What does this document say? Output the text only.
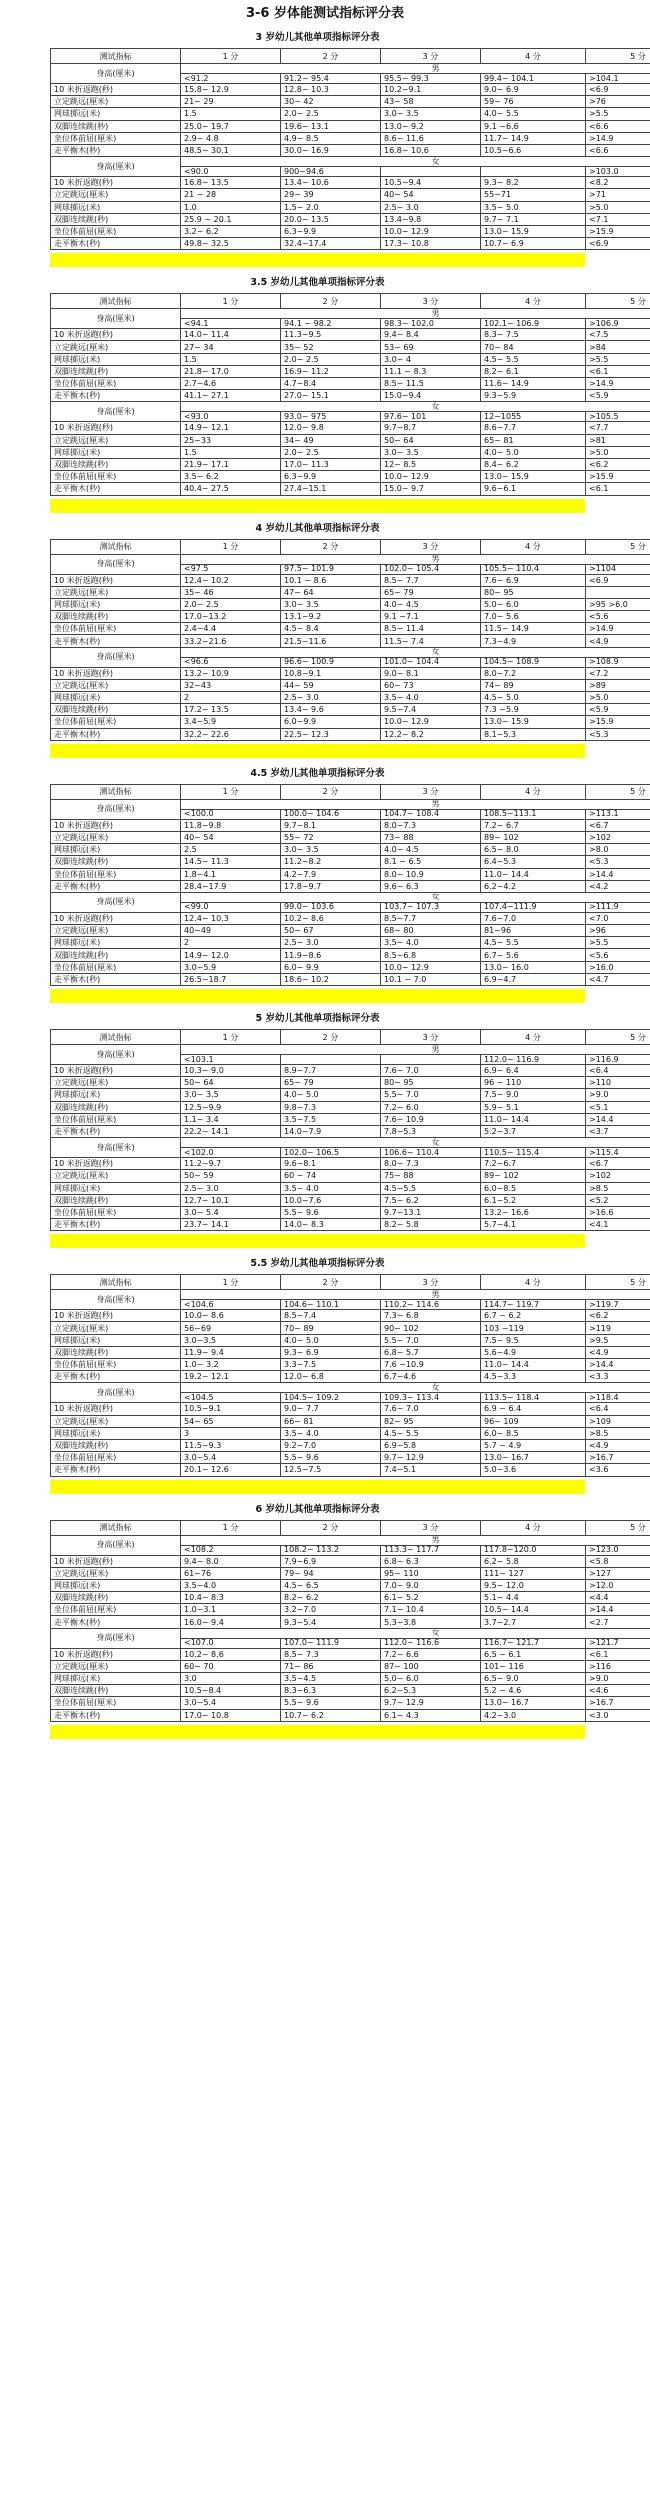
3-6 岁体能测试指标评分表
3 岁幼儿其他单项指标评分表
测试指标	1 分	2 分	3 分	4 分	5 分
身高(厘米)	男				
	<91.2	91.2~ 95.4	95.5~ 99.3	99.4~ 104.1	>104.1
10 米折返跑(秒)	15.8~ 12.9	12.8~ 10.3	10.2~9.1	9.0~ 6.9	<6.9
立定跳远(厘米)	21~ 29	30~ 42	43~ 58	59~ 76	>76
网球掷远(米)	1.5	2.0~ 2.5	3.0~ 3.5	4.0~ 5.5	>5.5
双脚连续跳(秒)	25.0~ 19.7	19.6~ 13.1	13.0~ 9.2	9.1 ~6.6	<6.6
坐位体前屈(厘米)	2.9~ 4.8	4.9~ 8.5	8.6~ 11.6	11.7~ 14.9	>14.9
走平衡木(秒)	48.5~ 30.1	30.0~ 16.9	16.8~ 10.6	10.5~6.6	<6.6
身高(厘米)	女				
	<90.0	900~94.6			>103.0
10 米折返跑(秒)	16.8~ 13.5	13.4~ 10.6	10.5~9.4	9.3~ 8.2	<8.2
立定跳远(厘米)	21 ~ 28	29~ 39	40~ 54	55~71	>71
网球掷远(米)	1.0	1.5~ 2.0	2.5~ 3.0	3.5~ 5.0	>5.0
双脚连续跳(秒)	25.9 ~ 20.1	20.0~ 13.5	13.4~9.8	9.7~ 7.1	<7.1
坐位体前屈(厘米)	3.2~ 6.2	6.3~9.9	10.0~ 12.9	13.0~ 15.9	>15.9
走平衡木(秒)	49.8~ 32.5	32.4~17.4	17.3~ 10.8	10.7~ 6.9	<6.9
3.5 岁幼儿其他单项指标评分表
测试指标	1 分	2 分	3 分	4 分	5 分
身高(厘米)	男				
	<94.1	94.1 ~ 98.2	98.3~ 102.0	102.1~ 106.9	>106.9
10 米折返跑(秒)	14.0~ 11.4	11.3~9.5	9.4~ 8.4	8.3~ 7.5	<7.5
立定跳远(厘米)	27~ 34	35~ 52	53~ 69	70~ 84	>84
网球掷远(米)	1.5	2.0~ 2.5	3.0~ 4	4.5~ 5.5	>5.5
双脚连续跳(秒)	21.8~ 17.0	16.9~ 11.2	11.1 ~ 8.3	8.2~ 6.1	<6.1
坐位体前屈(厘米)	2.7~4.6	4.7~8.4	8.5~ 11.5	11.6~ 14.9	>14.9
走平衡木(秒)	41.1~ 27.1	27.0~ 15.1	15.0~9.4	9.3~5.9	<5.9
身高(厘米)	女				
	<93.0	93.0~ 975	97.6~ 101	12~1055	>105.5
10 米折返跑(秒)	14.9~ 12.1	12.0~ 9.8	9.7~8.7	8.6~7.7	<7.7
立定跳远(厘米)	25~33	34~ 49	50~ 64	65~ 81	>81
网球掷远(米)	1.5	2.0~ 2.5	3.0~ 3.5	4.0~ 5.0	>5.0
双脚连续跳(秒)	21.9~ 17.1	17.0~ 11.3	12~ 8.5	8.4~ 6.2	<6.2
坐位体前屈(厘米)	3.5~ 6.2	6.3~9.9	10.0~ 12.9	13.0~ 15.9	>15.9
走平衡木(秒)	40.4~ 27.5	27.4~15.1	15.0~ 9.7	9.6~6.1	<6.1
4 岁幼儿其他单项指标评分表
测试指标	1 分	2 分	3 分	4 分	5 分
身高(厘米)	男				
	<97.5	97.5~ 101.9	102.0~ 105.4	105.5~ 110.4	>1104
10 米折返跑(秒)	12.4~ 10.2	10.1 ~ 8.6	8.5~ 7.7	7.6~ 6.9	<6.9
立定跳远(厘米)	35~ 46	47~ 64	65~ 79	80~ 95	
网球掷远(米)	2.0~ 2.5	3.0~ 3.5	4.0~ 4.5	5.0~ 6.0	>95 >6.0
双脚连续跳(秒)	17.0~13.2	13.1~9.2	9.1 ~7.1	7.0~ 5.6	<5.6
坐位体前屈(厘米)	2.4~4.4	4.5~ 8.4	8.5~ 11.4	11.5~ 14.9	>14.9
走平衡木(秒)	33.2~21.6	21.5~11.6	11.5~ 7.4	7.3~4.9	<4.9
身高(厘米)	女				
	<96.6	96.6~ 100.9	101.0~ 104.4	104.5~ 108.9	>108.9
10 米折返跑(秒)	13.2~ 10.9	10.8~9.1	9.0~ 8.1	8.0~7.2	<7.2
立定跳远(厘米)	32~43	44~ 59	60~ 73	74~ 89	>89
网球掷远(米)	2	2.5~ 3.0	3.5~ 4.0	4.5~ 5.0	>5.0
双脚连续跳(秒)	17.2~ 13.5	13.4~ 9.6	9.5~7.4	7.3 ~5.9	<5.9
坐位体前屈(厘米)	3.4~5.9	6.0~9.9	10.0~ 12.9	13.0~ 15.9	>15.9
走平衡木(秒)	32.2~ 22.6	22.5~ 12.3	12.2~ 8.2	8.1~5.3	<5.3
4.5 岁幼儿其他单项指标评分表
测试指标	1 分	2 分	3 分	4 分	5 分
身高(厘米)	男				
	<100.0	100.0~ 104.6	104.7~ 108.4	108.5~113.1	>113.1
10 米折返跑(秒)	11.8~9.8	9.7~8.1	8.0~7.3	7.2~ 6.7	<6.7
立定跳远(厘米)	40~ 54	55~ 72	73~ 88	89~ 102	>102
网球掷远(米)	2.5	3.0~ 3.5	4.0~ 4.5	6.5~ 8.0	>8.0
双脚连续跳(秒)	14.5~ 11.3	11.2~8.2	8.1 ~ 6.5	6.4~5.3	<5.3
坐位体前屈(厘米)	1.8~4.1	4.2~7.9	8.0~ 10.9	11.0~ 14.4	>14.4
走平衡木(秒)	28.4~17.9	17.8~9.7	9.6~ 6.3	6.2~4.2	<4.2
身高(厘米)	女				
	<99.0	99.0~ 103.6	103.7~ 107.3	107.4~111.9	>111.9
10 米折返跑(秒)	12.4~ 10.3	10.2~ 8.6	8.5~7.7	7.6~7.0	<7.0
立定跳远(厘米)	40~49	50~ 67	68~ 80	81~96	>96
网球掷远(米)	2	2.5~ 3.0	3.5~ 4.0	4.5~ 5.5	>5.5
双脚连续跳(秒)	14.9~ 12.0	11.9~8.6	8.5~6.8	6.7~ 5.6	<5.6
坐位体前屈(厘米)	3.0~5.9	6.0~ 9.9	10.0~ 12.9	13.0~ 16.0	>16.0
走平衡木(秒)	26.5~18.7	18.6~ 10.2	10.1 ~ 7.0	6.9~4.7	<4.7
5 岁幼儿其他单项指标评分表
测试指标	1 分	2 分	3 分	4 分	5 分
身高(厘米)	男				
	<103.1			112.0~ 116.9	>116.9
10 米折返跑(秒)	10.3~ 9.0	8.9~7.7	7.6~ 7.0	6.9~ 6.4	<6.4
立定跳远(厘米)	50~ 64	65~ 79	80~ 95	96 ~ 110	>110
网球掷远(米)	3.0~ 3.5	4.0~ 5.0	5.5~ 7.0	7.5~ 9.0	>9.0
双脚连续跳(秒)	12.5~9.9	9.8~7.3	7.2~ 6.0	5.9~ 5.1	<5.1
坐位体前屈(厘米)	1.1~ 3.4	3.5~7.5	7.6~ 10.9	11.0~ 14.4	>14.4
走平衡木(秒)	22.2~ 14.1	14.0~7.9	7.8~5.3	5.2~3.7	<3.7
身高(厘米)	女				
	<102.0	102.0~ 106.5	106.6~ 110.4	110.5~ 115.4	>115.4
10 米折返跑(秒)	11.2~9.7	9.6~8.1	8.0~ 7.3	7.2~6.7	<6.7
立定跳远(厘米)	50~ 59	60 ~ 74	75~ 88	89~ 102	>102
网球掷远(米)	2.5~ 3.0	3.5~ 4.0	4.5~5.5	6.0~8.5	>8.5
双脚连续跳(秒)	12.7~ 10.1	10.0~7.6	7.5~ 6.2	6.1~5.2	<5.2
坐位体前屈(厘米)	3.0~ 5.4	5.5~ 9.6	9.7~13.1	13.2~ 16.6	>16.6
走平衡木(秒)	23.7~ 14.1	14.0~ 8.3	8.2~ 5.8	5.7~4.1	<4.1
5.5 岁幼儿其他单项指标评分表
测试指标	1 分	2 分	3 分	4 分	5 分
身高(厘米)	男				
	<104.6	104.6~ 110.1	110.2~ 114.6	114.7~ 119.7	>119.7
10 米折返跑(秒)	10.0~ 8.6	8.5~7.4	7.3~ 6.8	6.7 ~ 6.2	<6.2
立定跳远(厘米)	56~69	70~ 89	90~ 102	103 ~119	>119
网球掷远(米)	3.0~3.5	4.0~ 5.0	5.5~ 7.0	7.5~ 9.5	>9.5
双脚连续跳(秒)	11.9~ 9.4	9.3~ 6.9	6.8~ 5.7	5.6~4.9	<4.9
坐位体前屈(厘米)	1.0~ 3.2	3.3~7.5	7.6 ~10.9	11.0~ 14.4	>14.4
走平衡木(秒)	19.2~ 12.1	12.0~ 6.8	6.7~4.6	4.5~3.3	<3.3
身高(厘米)	女				
	<104.5	104.5~ 109.2	109.3~ 113.4	113.5~ 118.4	>118.4
10 米折返跑(秒)	10.5~9.1	9.0~ 7.7	7.6~ 7.0	6.9 ~ 6.4	<6.4
立定跳远(厘米)	54~ 65	66~ 81	82~ 95	96~ 109	>109
网球掷远(米)	3	3.5~ 4.0	4.5~ 5.5	6.0~ 8.5	>8.5
双脚连续跳(秒)	11.5~9.3	9.2~7.0	6.9~5.8	5.7 ~ 4.9	<4.9
坐位体前屈(厘米)	3.0~5.4	5.5~ 9.6	9.7~ 12.9	13.0~ 16.7	>16.7
走平衡木(秒)	20.1~ 12.6	12.5~7.5	7.4~5.1	5.0~3.6	<3.6
6 岁幼儿其他单项指标评分表
测试指标	1 分	2 分	3 分	4 分	5 分
身高(厘米)	男				
	<108.2	108.2~ 113.2	113.3~ 117.7	117.8~120.0	>123.0
10 米折返跑(秒)	9.4~ 8.0	7.9~6.9	6.8~ 6.3	6.2~ 5.8	<5.8
立定跳远(厘米)	61~76	79~ 94	95~ 110	111~ 127	>127
网球掷远(米)	3.5~4.0	4.5~ 6.5	7.0~ 9.0	9.5~ 12.0	>12.0
双脚连续跳(秒)	10.4~ 8.3	8.2~ 6.2	6.1~ 5.2	5.1~ 4.4	<4.4
坐位体前屈(厘米)	1.0~3.1	3.2~7.0	7.1~ 10.4	10.5~ 14.4	>14.4
走平衡木(秒)	16.0~ 9.4	9.3~5.4	5.3~3.8	3.7~2.7	<2.7
身高(厘米)	女				
	<107.0	107.0~ 111.9	112.0~ 116.6	116.7~ 121.7	>121.7
10 米折返跑(秒)	10.2~ 8.6	8.5~ 7.3	7.2~ 6.6	6.5 ~ 6.1	<6.1
立定跳远(厘米)	60~ 70	71~ 86	87~ 100	101~ 116	>116
网球掷远(米)	3.0	3.5~4.5	5.0~ 6.0	6.5~ 9.0	>9.0
双脚连续跳(秒)	10.5~8.4	8.3~6.3	6.2~5.3	5.2 ~ 4.6	<4.6
坐位体前屈(厘米)	3.0~5.4	5.5~ 9.6	9.7~ 12.9	13.0~ 16.7	>16.7
走平衡木(秒)	17.0~ 10.8	10.7~ 6.2	6.1~ 4.3	4.2~3.0	<3.0
